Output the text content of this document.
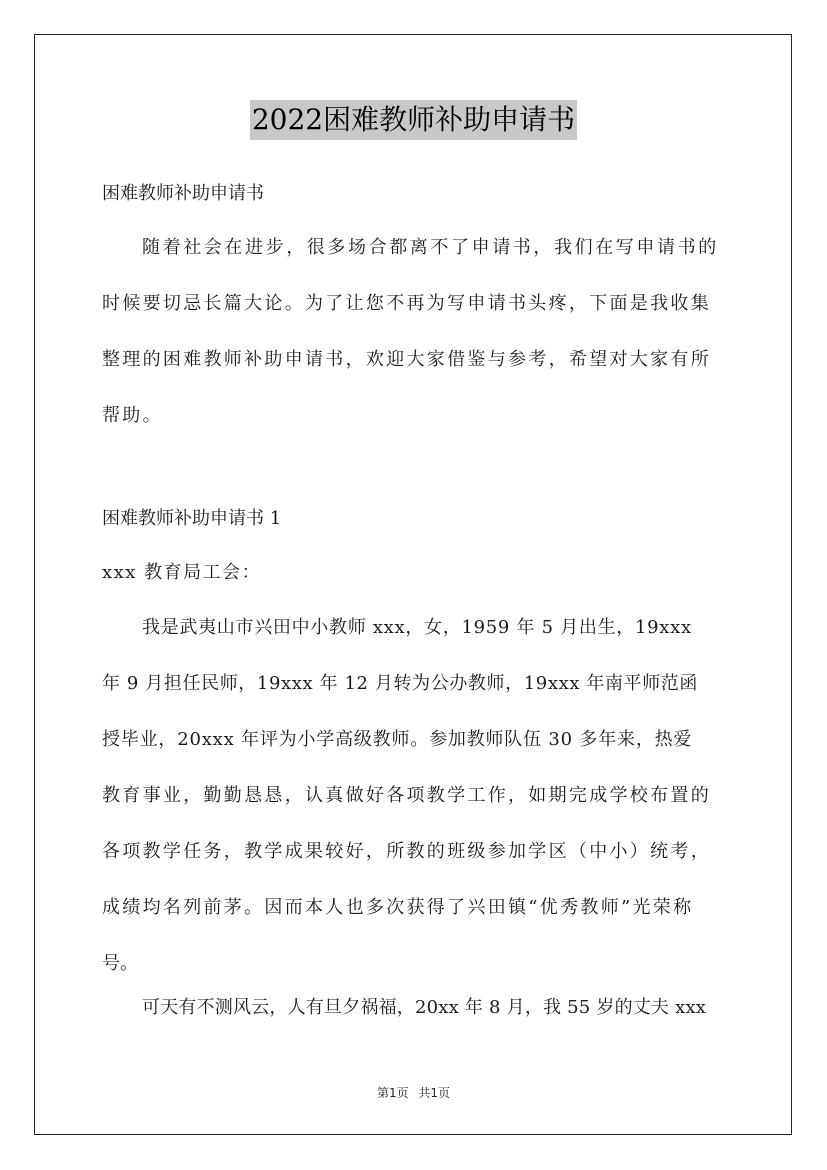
2022困难教师补助申请书
困难教师补助申请书
随着社会在进步，很多场合都离不了申请书，我们在写申请书的
时候要切忌长篇大论。为了让您不再为写申请书头疼，下面是我收集
整理的困难教师补助申请书，欢迎大家借鉴与参考，希望对大家有所
帮助。
困难教师补助申请书 1
xxx 教育局工会：
我是武夷山市兴田中小教师 xxx，女，1959 年 5 月出生，19xxx
年 9 月担任民师，19xxx 年 12 月转为公办教师，19xxx 年南平师范函
授毕业，20xxx 年评为小学高级教师。参加教师队伍 30 多年来，热爱
教育事业，勤勤恳恳，认真做好各项教学工作，如期完成学校布置的
各项教学任务，教学成果较好，所教的班级参加学区（中小）统考，
成绩均名列前茅。因而本人也多次获得了兴田镇“优秀教师”光荣称
号。
可天有不测风云，人有旦夕祸福，20xx 年 8 月，我 55 岁的丈夫 xxx
第1页 共1页
